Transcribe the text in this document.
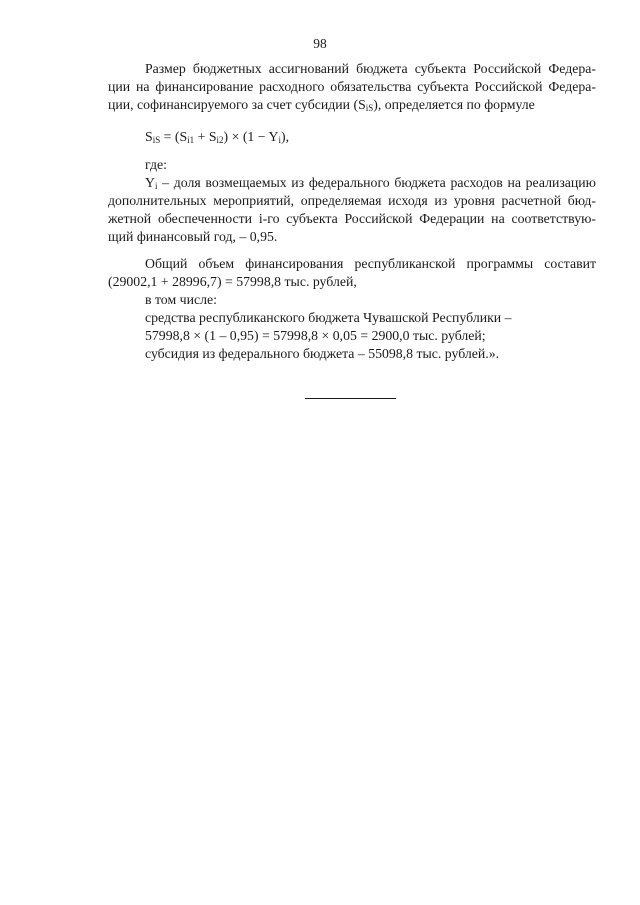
98
Размер бюджетных ассигнований бюджета субъекта Российской Федера-
ции на финансирование расходного обязательства субъекта Российской Федера-
ции, софинансируемого за счет субсидии $(S_{iS})$, определяется по формуле
$S_{iS} = (S_{i1} + S_{i2}) \times (1 - Y_i)$,
где:
$Y_i$ – доля возмещаемых из федерального бюджета расходов на реализацию
дополнительных мероприятий, определяемая исходя из уровня расчетной бюд-
жетной обеспеченности i-го субъекта Российской Федерации на соответствую-
щий финансовый год, – 0,95.
Общий объем финансирования республиканской программы составит
(29002,1 + 28996,7) = 57998,8 тыс. рублей,
в том числе:
средства республиканского бюджета Чувашской Республики –
57998,8 × (1 – 0,95) = 57998,8 × 0,05 = 2900,0 тыс. рублей;
субсидия из федерального бюджета – 55098,8 тыс. рублей.».
